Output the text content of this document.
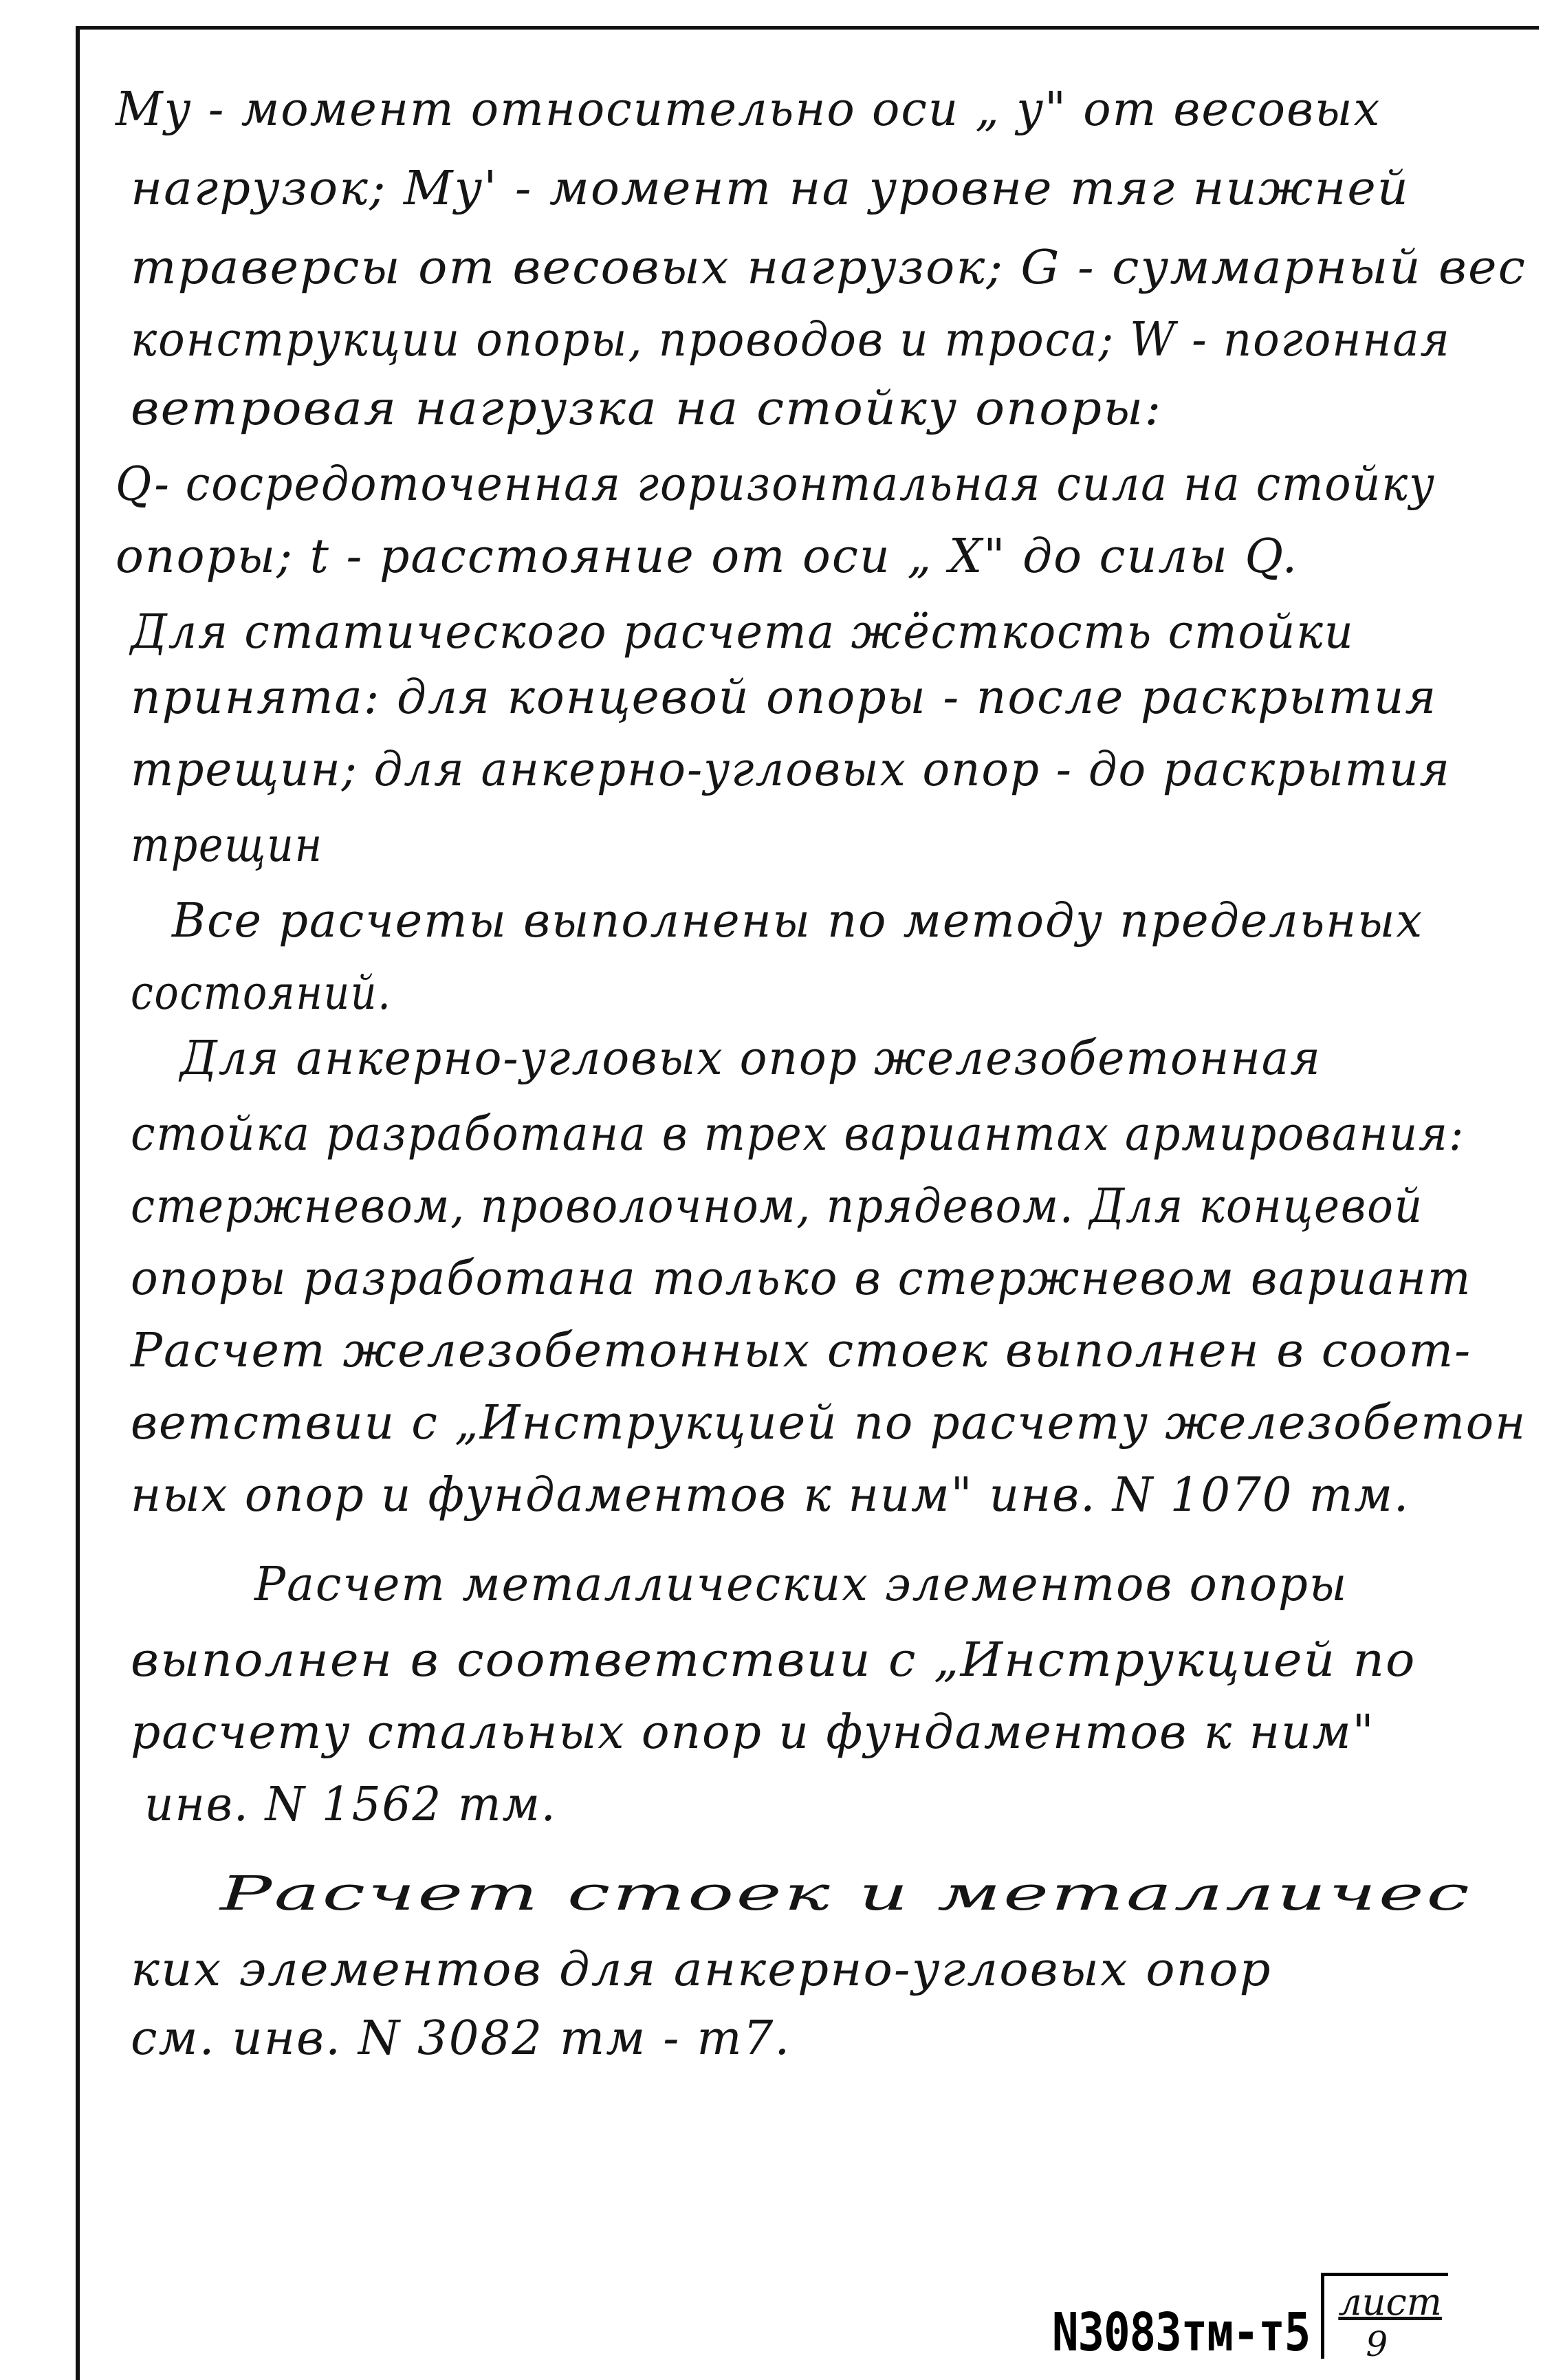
Mу - момент относительно оси „ у" от весовых
нагрузок; Mу' - момент на уровне тяг нижней
траверсы от весовых нагрузок; G - суммарный вес
конструкции опоры, проводов и троса; W - погонная
ветровая нагрузка на стойку опоры:
Q- сосредоточенная горизонтальная сила на стойку
опоры; t - расстояние от оси „ X" до силы Q.
Для статического расчета жёсткость стойки
принята: для концевой опоры - после раскрытия
трещин; для анкерно-угловых опор - до раскрытия
трещин
Все расчеты выполнены по методу предельных
состояний.
Для анкерно-угловых опор железобетонная
стойка разработана в трех вариантах армирования:
стержневом, проволочном, прядевом. Для концевой
опоры разработана только в стержневом вариант
Расчет железобетонных стоек выполнен в соот-
ветствии с „Инструкцией по расчету железобетон
ных опор и фундаментов к ним" инв. N 1070 тм.
Расчет металлических элементов опоры
выполнен в соответствии с „Инструкцией по
расчету стальных опор и фундаментов к ним"
инв. N 1562 тм.
Расчет стоек и металличес
ких элементов для анкерно-угловых опор
см. инв. N 3082 тм - т7.
N3083тм-т5
лист
9
